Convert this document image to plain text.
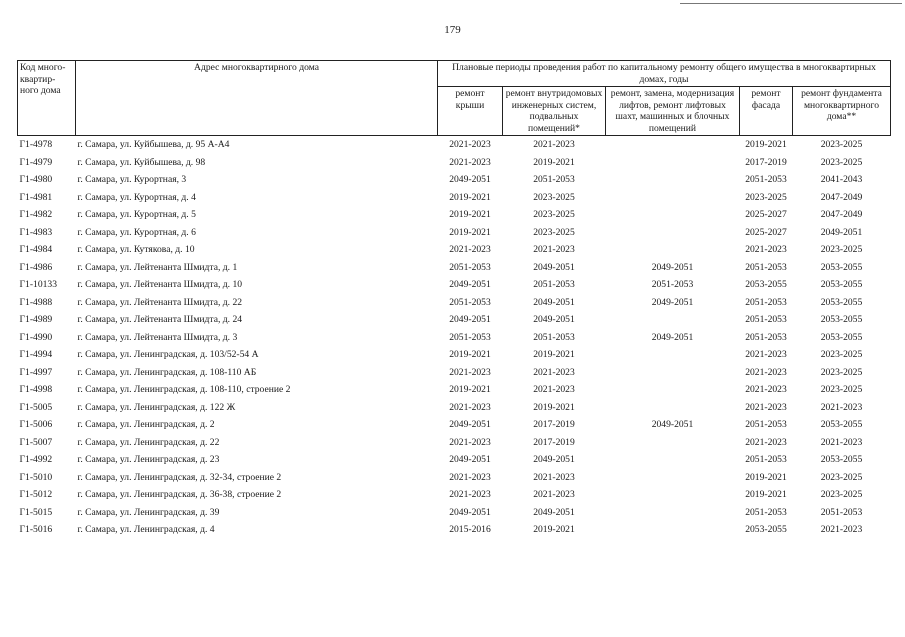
179
Код много-квартир-ного дома	Адрес многоквартирного дома	Плановые периоды проведения работ по капитальному ремонту общего имущества в многоквартирных домах, годы				
		ремонт крыши	ремонт внутридомовых инженерных систем, подвальных помещений*	ремонт, замена, модернизация лифтов, ремонт лифтовых шахт, машинных и блочных помещений	ремонт фасада	ремонт фундамента многоквартирного дома**
Г1-4978	г. Самара, ул. Куйбышева, д. 95 А-А4	2021-2023	2021-2023		2019-2021	2023-2025
Г1-4979	г. Самара, ул. Куйбышева, д. 98	2021-2023	2019-2021		2017-2019	2023-2025
Г1-4980	г. Самара, ул. Курортная, 3	2049-2051	2051-2053		2051-2053	2041-2043
Г1-4981	г. Самара, ул. Курортная, д. 4	2019-2021	2023-2025		2023-2025	2047-2049
Г1-4982	г. Самара, ул. Курортная, д. 5	2019-2021	2023-2025		2025-2027	2047-2049
Г1-4983	г. Самара, ул. Курортная, д. 6	2019-2021	2023-2025		2025-2027	2049-2051
Г1-4984	г. Самара, ул. Кутякова, д. 10	2021-2023	2021-2023		2021-2023	2023-2025
Г1-4986	г. Самара, ул. Лейтенанта Шмидта, д. 1	2051-2053	2049-2051	2049-2051	2051-2053	2053-2055
Г1-10133	г. Самара, ул. Лейтенанта Шмидта, д. 10	2049-2051	2051-2053	2051-2053	2053-2055	2053-2055
Г1-4988	г. Самара, ул. Лейтенанта Шмидта, д. 22	2051-2053	2049-2051	2049-2051	2051-2053	2053-2055
Г1-4989	г. Самара, ул. Лейтенанта Шмидта, д. 24	2049-2051	2049-2051		2051-2053	2053-2055
Г1-4990	г. Самара, ул. Лейтенанта Шмидта, д. 3	2051-2053	2051-2053	2049-2051	2051-2053	2053-2055
Г1-4994	г. Самара, ул. Ленинградская, д. 103/52-54 А	2019-2021	2019-2021		2021-2023	2023-2025
Г1-4997	г. Самара, ул. Ленинградская, д. 108-110 АБ	2021-2023	2021-2023		2021-2023	2023-2025
Г1-4998	г. Самара, ул. Ленинградская, д. 108-110, строение 2	2019-2021	2021-2023		2021-2023	2023-2025
Г1-5005	г. Самара, ул. Ленинградская, д. 122 Ж	2021-2023	2019-2021		2021-2023	2021-2023
Г1-5006	г. Самара, ул. Ленинградская, д. 2	2049-2051	2017-2019	2049-2051	2051-2053	2053-2055
Г1-5007	г. Самара, ул. Ленинградская, д. 22	2021-2023	2017-2019		2021-2023	2021-2023
Г1-4992	г. Самара, ул. Ленинградская, д. 23	2049-2051	2049-2051		2051-2053	2053-2055
Г1-5010	г. Самара, ул. Ленинградская, д. 32-34, строение 2	2021-2023	2021-2023		2019-2021	2023-2025
Г1-5012	г. Самара, ул. Ленинградская, д. 36-38, строение 2	2021-2023	2021-2023		2019-2021	2023-2025
Г1-5015	г. Самара, ул. Ленинградская, д. 39	2049-2051	2049-2051		2051-2053	2051-2053
Г1-5016	г. Самара, ул. Ленинградская, д. 4	2015-2016	2019-2021		2053-2055	2021-2023
